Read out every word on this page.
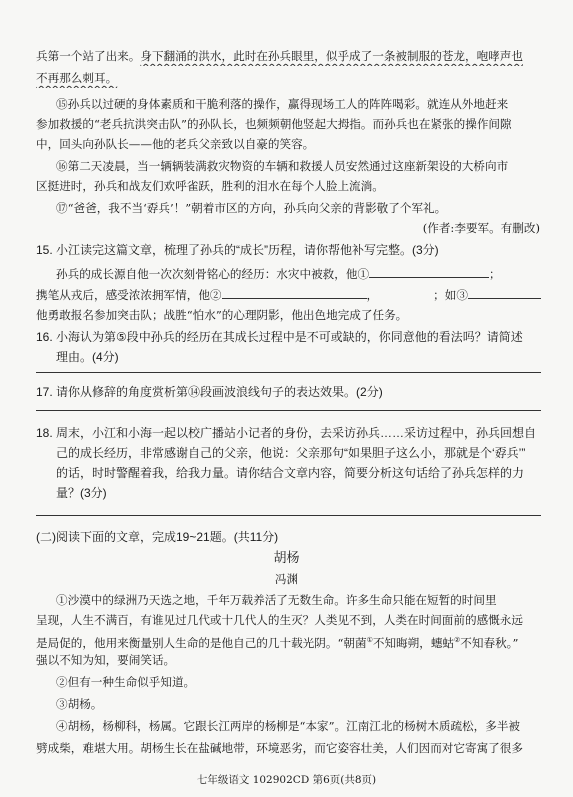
兵第一个站了出来。身下翻涌的洪水，此时在孙兵眼里，似乎成了一条被制服的苍龙，咆哮声也
不再那么刺耳。
⑮孙兵以过硬的身体素质和干脆利落的操作，赢得现场工人的阵阵喝彩。就连从外地赶来
参加救援的“老兵抗洪突击队”的孙队长，也频频朝他竖起大拇指。而孙兵也在紧张的操作间隙
中，回头向孙队长——他的老兵父亲致以自豪的笑容。
⑯第二天凌晨，当一辆辆装满救灾物资的车辆和救援人员安然通过这座新架设的大桥向市
区挺进时，孙兵和战友们欢呼雀跃，胜利的泪水在每个人脸上流淌。
⑰“爸爸，我不当‘孬兵’！”朝着市区的方向，孙兵向父亲的背影敬了个军礼。
(作者:李要军。有删改)
15. 小江读完这篇文章，梳理了孙兵的“成长”历程，请你帮他补写完整。(3分)
孙兵的成长源自他一次次刻骨铭心的经历：水灾中被救，他①	；
携笔从戎后，感受浓浓拥军情，他②	，	；如③
他勇敢报名参加突击队；战胜“怕水”的心理阴影，他出色地完成了任务。
16. 小海认为第⑤段中孙兵的经历在其成长过程中是不可或缺的，你同意他的看法吗？请简述
理由。(4分)
17. 请你从修辞的角度赏析第⑭段画波浪线句子的表达效果。(2分)
18. 周末，小江和小海一起以校广播站小记者的身份，去采访孙兵……采访过程中，孙兵回想自
己的成长经历，非常感谢自己的父亲，他说：父亲那句“如果胆子这么小，那就是个‘孬兵’”
的话，时时警醒着我，给我力量。请你结合文章内容，简要分析这句话给了孙兵怎样的力
量？(3分)
(二)阅读下面的文章，完成19~21题。(共11分)
胡杨
冯渊
①沙漠中的绿洲乃天选之地，千年万载养活了无数生命。许多生命只能在短暂的时间里
呈现，人生不满百，有谁见过几代或十几代人的生灭？人类见不到，人类在时间面前的感慨永远
是局促的，他用来衡量别人生命的是他自己的几十载光阴。“朝菌①不知晦朔，蟪蛄②不知春秋。”
强以不知为知，要闹笑话。
②但有一种生命似乎知道。
③胡杨。
④胡杨，杨柳科，杨属。它跟长江两岸的杨柳是“本家”。江南江北的杨树木质疏松，多半被
劈成柴，难堪大用。胡杨生长在盐碱地带，环境恶劣，而它姿容壮美，人们因而对它寄寓了很多
七年级语文 102902CD 第6页(共8页)
